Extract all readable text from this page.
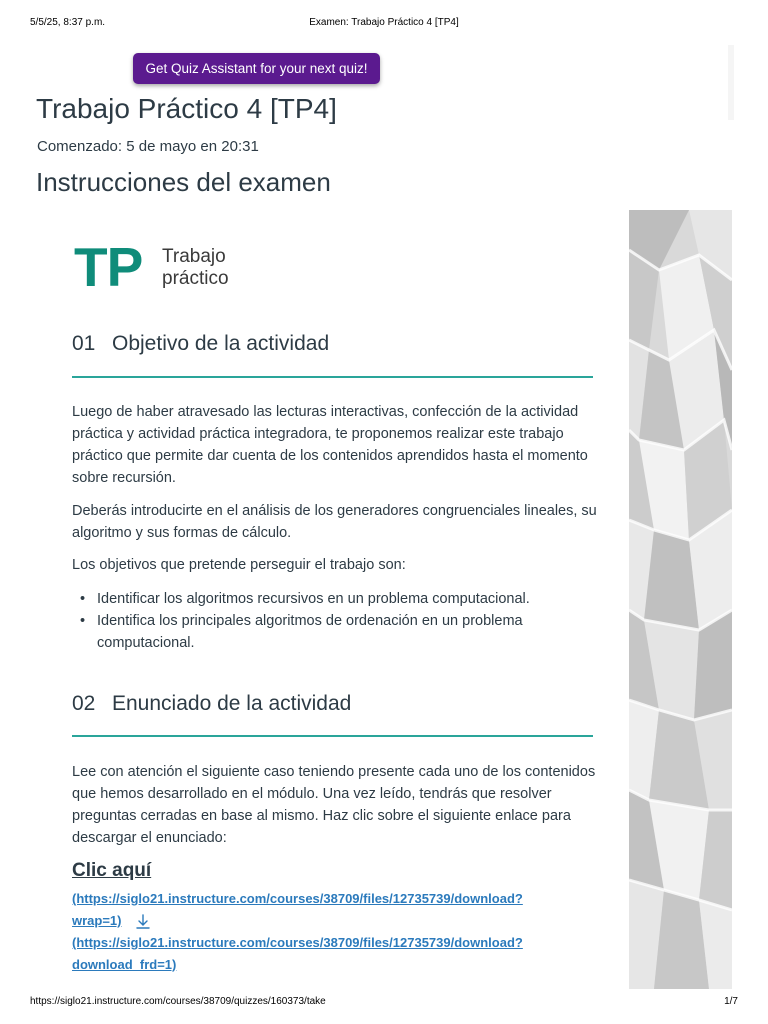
5/5/25, 8:37 p.m.	Examen: Trabajo Práctico 4 [TP4]
Get Quiz Assistant for your next quiz!
Trabajo Práctico 4 [TP4]
Comenzado: 5 de mayo en 20:31
Instrucciones del examen
TP Trabajo
práctico
01 Objetivo de la actividad

Luego de haber atravesado las lecturas interactivas, confección de la actividad práctica y actividad práctica integradora, te proponemos realizar este trabajo práctico que permite dar cuenta de los contenidos aprendidos hasta el momento sobre recursión.

Deberás introducirte en el análisis de los generadores congruenciales lineales, su algoritmo y sus formas de cálculo.

Los objetivos que pretende perseguir el trabajo son:

• Identificar los algoritmos recursivos en un problema computacional.
• Identifica los principales algoritmos de ordenación en un problema computacional.
02 Enunciado de la actividad

Lee con atención el siguiente caso teniendo presente cada uno de los contenidos que hemos desarrollado en el módulo. Una vez leído, tendrás que resolver preguntas cerradas en base al mismo. Haz clic sobre el siguiente enlace para descargar el enunciado:

Clic aquí
(https://siglo21.instructure.com/courses/38709/files/12735739/download?
wrap=1)
(https://siglo21.instructure.com/courses/38709/files/12735739/download?
download_frd=1)
https://siglo21.instructure.com/courses/38709/quizzes/160373/take	1/7
